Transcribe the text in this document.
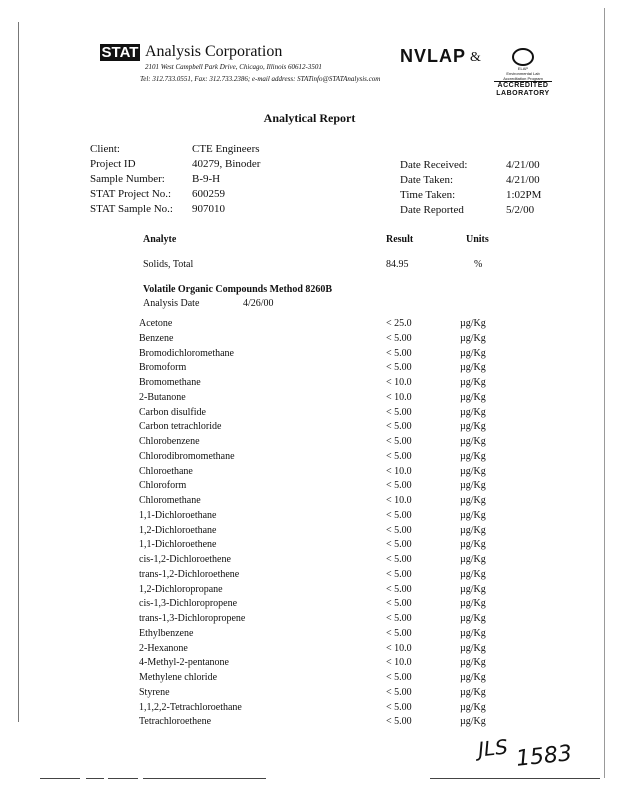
STAT Analysis Corporation
2101 West Campbell Park Drive, Chicago, Illinois 60612-3501
Tel: 312.733.0551, Fax: 312.733.2386; e-mail address: STATinfo@STATAnalysis.com
NVLAP &
ELAP
Environmental Lab
Accreditation Program
ACCREDITED
LABORATORY
Analytical Report
Client:	CTE Engineers
Project ID	40279, Binoder
Sample Number: B-9-H
STAT Project No.: 600259
STAT Sample No.: 907010
Date Received:	4/21/00
Date Taken:	4/21/00
Time Taken:	1:02PM
Date Reported	5/2/00
Analyte	Result	Units
Solids, Total	84.95	%
Volatile Organic Compounds Method 8260B
Analysis Date	4/26/00
Acetone	< 25.0	µg/Kg
Benzene	< 5.00	µg/Kg
Bromodichloromethane	< 5.00	µg/Kg
Bromoform	< 5.00	µg/Kg
Bromomethane	< 10.0	µg/Kg
2-Butanone	< 10.0	µg/Kg
Carbon disulfide	< 5.00	µg/Kg
Carbon tetrachloride	< 5.00	µg/Kg
Chlorobenzene	< 5.00	µg/Kg
Chlorodibromomethane	< 5.00	µg/Kg
Chloroethane	< 10.0	µg/Kg
Chloroform	< 5.00	µg/Kg
Chloromethane	< 10.0	µg/Kg
1,1-Dichloroethane	< 5.00	µg/Kg
1,2-Dichloroethane	< 5.00	µg/Kg
1,1-Dichloroethene	< 5.00	µg/Kg
cis-1,2-Dichloroethene	< 5.00	µg/Kg
trans-1,2-Dichloroethene	< 5.00	µg/Kg
1,2-Dichloropropane	< 5.00	µg/Kg
cis-1,3-Dichloropropene	< 5.00	µg/Kg
trans-1,3-Dichloropropene	< 5.00	µg/Kg
Ethylbenzene	< 5.00	µg/Kg
2-Hexanone	< 10.0	µg/Kg
4-Methyl-2-pentanone	< 10.0	µg/Kg
Methylene chloride	< 5.00	µg/Kg
Styrene	< 5.00	µg/Kg
1,1,2,2-Tetrachloroethane	< 5.00	µg/Kg
Tetrachloroethene	< 5.00	µg/Kg
JLS 1583
